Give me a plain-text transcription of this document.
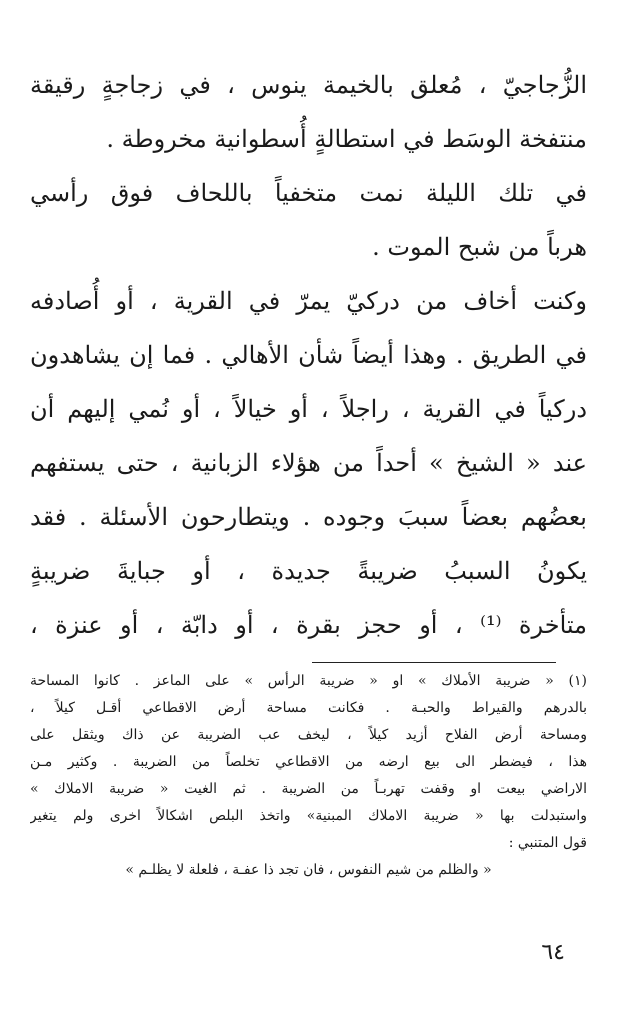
الزُّجاجيّ ، مُعلق بالخيمة ينوس ، في زجاجةٍ رقيقة
منتفخة الوسَط في استطالةٍ أُسطوانية مخروطة .
في تلك الليلة نمت متخفياً باللحاف فوق رأسي
هرباً من شبح الموت .
وكنت أخاف من دركيّ يمرّ في القرية ، أو أُصادفه
في الطريق . وهذا أيضاً شأن الأهالي . فما إن يشاهدون
دركياً في القرية ، راجلاً ، أو خيالاً ، أو نُمي إليهم أن
عند « الشيخ » أحداً من هؤلاء الزبانية ، حتى يستفهم
بعضُهم بعضاً سببَ وجوده . ويتطارحون الأسئلة . فقد
يكونُ السببُ ضريبةً جديدة ، أو جبايةَ ضريبةٍ
متأخرة ⁽¹⁾ ، أو حجز بقرة ، أو دابّة ، أو عنزة ،
(١) « ضريبة الأملاك » او « ضريبة الرأس » على الماعز . كانوا المساحة
بالدرهم والقيراط والحبـة . فكانت مساحة أرض الاقطاعي أقـل كيلاً ،
ومساحة أرض الفلاح أزيد كيلاً ، ليخف عب الضريبة عن ذاك ويثقل على
هذا ، فيضطر الى بيع ارضه من الاقطاعي تخلصاً من الضريبة . وكثير مـن
الاراضي بيعت او وقفت تهربـاً من الضريبة . ثم الغيت « ضريبة الاملاك »
واستبدلت بها « ضريبة الاملاك المبنية» واتخذ البلص اشكالاً اخرى ولم يتغير
قول المتنبي :
« والظلم من شيم النفوس ، فان تجد ذا عفـة ، فلعلة لا يظلـم »
٦٤
